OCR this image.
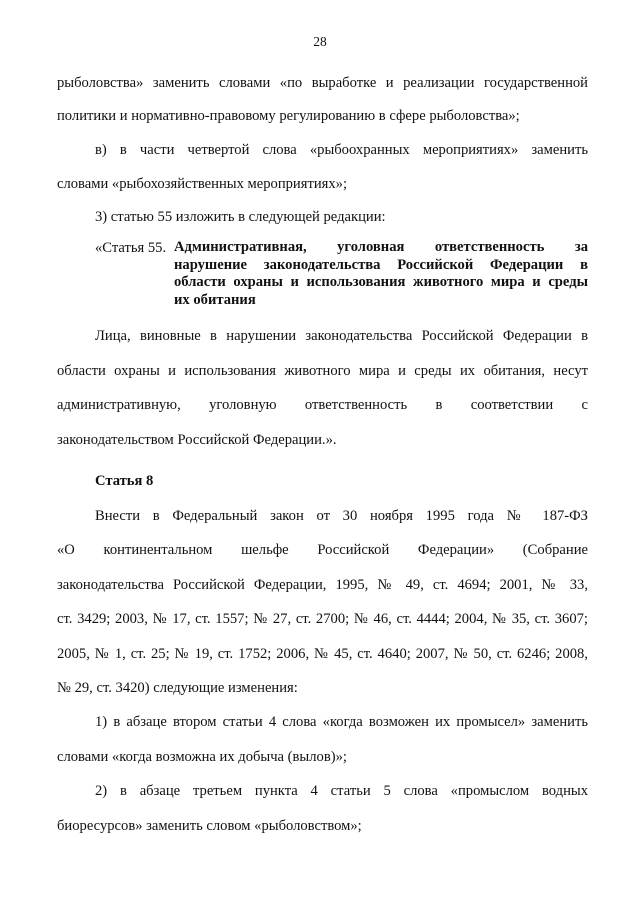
28
рыболовства» заменить словами «по выработке и реализации государственной
политики и нормативно-правовому регулированию в сфере рыболовства»;
в) в части четвертой слова «рыбоохранных мероприятиях» заменить
словами «рыбохозяйственных мероприятиях»;
3) статью 55 изложить в следующей редакции:
«Статья 55. Административная, уголовная ответственность за
нарушение законодательства Российской Федерации в
области охраны и использования животного мира и среды
их обитания
Лица, виновные в нарушении законодательства Российской Федерации в
области охраны и использования животного мира и среды их обитания, несут
административную, уголовную ответственность в соответствии с
законодательством Российской Федерации.».
Статья 8
Внести в Федеральный закон от 30 ноября 1995 года № 187-ФЗ
«О континентальном шельфе Российской Федерации» (Собрание
законодательства Российской Федерации, 1995, № 49, ст. 4694; 2001, № 33,
ст. 3429; 2003, № 17, ст. 1557; № 27, ст. 2700; № 46, ст. 4444; 2004, № 35, ст. 3607;
2005, № 1, ст. 25; № 19, ст. 1752; 2006, № 45, ст. 4640; 2007, № 50, ст. 6246; 2008,
№ 29, ст. 3420) следующие изменения:
1) в абзаце втором статьи 4 слова «когда возможен их промысел» заменить
словами «когда возможна их добыча (вылов)»;
2) в абзаце третьем пункта 4 статьи 5 слова «промыслом водных
биоресурсов» заменить словом «рыболовством»;
